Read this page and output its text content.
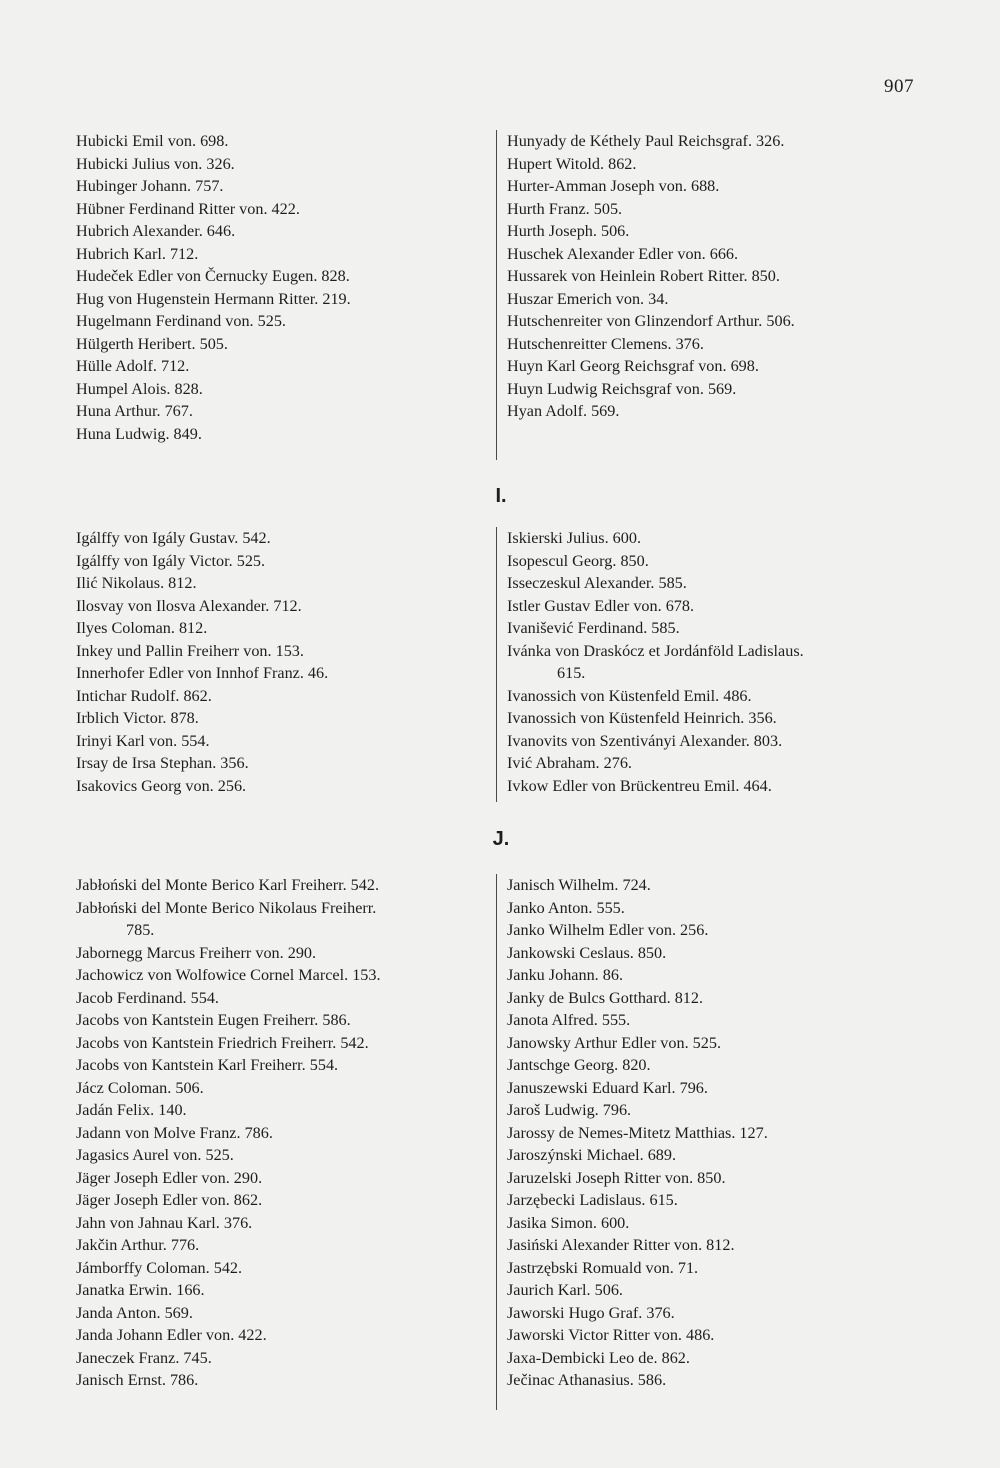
907
Hubicki Emil von. 698.
Hubicki Julius von. 326.
Hubinger Johann. 757.
Hübner Ferdinand Ritter von. 422.
Hubrich Alexander. 646.
Hubrich Karl. 712.
Hudeček Edler von Černucky Eugen. 828.
Hug von Hugenstein Hermann Ritter. 219.
Hugelmann Ferdinand von. 525.
Hülgerth Heribert. 505.
Hülle Adolf. 712.
Humpel Alois. 828.
Huna Arthur. 767.
Huna Ludwig. 849.
Hunyady de Kéthely Paul Reichsgraf. 326.
Hupert Witold. 862.
Hurter-Amman Joseph von. 688.
Hurth Franz. 505.
Hurth Joseph. 506.
Huschek Alexander Edler von. 666.
Hussarek von Heinlein Robert Ritter. 850.
Huszar Emerich von. 34.
Hutschenreiter von Glinzendorf Arthur. 506.
Hutschenreitter Clemens. 376.
Huyn Karl Georg Reichsgraf von. 698.
Huyn Ludwig Reichsgraf von. 569.
Hyan Adolf. 569.
I.
Igálffy von Igály Gustav. 542.
Igálffy von Igály Victor. 525.
Ilić Nikolaus. 812.
Ilosvay von Ilosva Alexander. 712.
Ilyes Coloman. 812.
Inkey und Pallin Freiherr von. 153.
Innerhofer Edler von Innhof Franz. 46.
Intichar Rudolf. 862.
Irblich Victor. 878.
Irinyi Karl von. 554.
Irsay de Irsa Stephan. 356.
Isakovics Georg von. 256.
Iskierski Julius. 600.
Isopescul Georg. 850.
Isseczeskul Alexander. 585.
Istler Gustav Edler von. 678.
Ivanišević Ferdinand. 585.
Ivánka von Draskócz et Jordánföld Ladislaus.
615.
Ivanossich von Küstenfeld Emil. 486.
Ivanossich von Küstenfeld Heinrich. 356.
Ivanovits von Szentiványi Alexander. 803.
Ivić Abraham. 276.
Ivkow Edler von Brückentreu Emil. 464.
J.
Jabłoński del Monte Berico Karl Freiherr. 542.
Jabłoński del Monte Berico Nikolaus Freiherr.
785.
Jabornegg Marcus Freiherr von. 290.
Jachowicz von Wolfowice Cornel Marcel. 153.
Jacob Ferdinand. 554.
Jacobs von Kantstein Eugen Freiherr. 586.
Jacobs von Kantstein Friedrich Freiherr. 542.
Jacobs von Kantstein Karl Freiherr. 554.
Jácz Coloman. 506.
Jadán Felix. 140.
Jadann von Molve Franz. 786.
Jagasics Aurel von. 525.
Jäger Joseph Edler von. 290.
Jäger Joseph Edler von. 862.
Jahn von Jahnau Karl. 376.
Jakčin Arthur. 776.
Jámborffy Coloman. 542.
Janatka Erwin. 166.
Janda Anton. 569.
Janda Johann Edler von. 422.
Janeczek Franz. 745.
Janisch Ernst. 786.
Janisch Wilhelm. 724.
Janko Anton. 555.
Janko Wilhelm Edler von. 256.
Jankowski Ceslaus. 850.
Janku Johann. 86.
Janky de Bulcs Gotthard. 812.
Janota Alfred. 555.
Janowsky Arthur Edler von. 525.
Jantschge Georg. 820.
Januszewski Eduard Karl. 796.
Jaroš Ludwig. 796.
Jarossy de Nemes-Mitetz Matthias. 127.
Jaroszýnski Michael. 689.
Jaruzelski Joseph Ritter von. 850.
Jarzębecki Ladislaus. 615.
Jasika Simon. 600.
Jasiński Alexander Ritter von. 812.
Jastrzębski Romuald von. 71.
Jaurich Karl. 506.
Jaworski Hugo Graf. 376.
Jaworski Victor Ritter von. 486.
Jaxa-Dembicki Leo de. 862.
Ječinac Athanasius. 586.
